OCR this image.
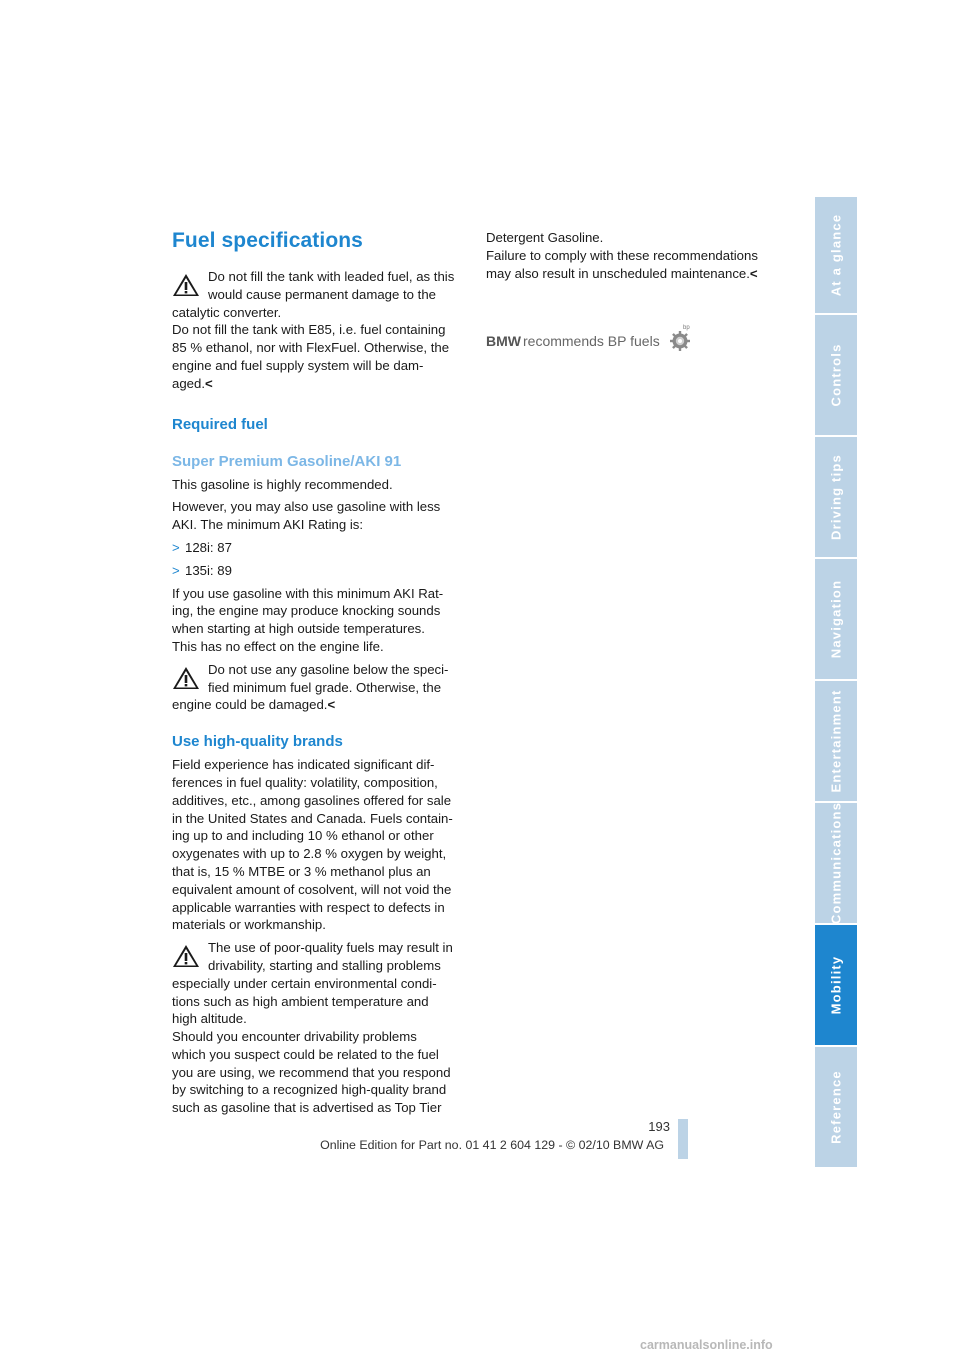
Fuel specifications

Do not fill the tank with leaded fuel, as this

would cause permanent damage to the

catalytic converter.

Do not fill the tank with E85, i.e. fuel containing

85 % ethanol, nor with FlexFuel. Otherwise, the

engine and fuel supply system will be dam-

aged.<

Required fuel
Super Premium Gasoline/AKI 91

This gasoline is highly recommended.

However, you may also use gasoline with less

AKI. The minimum AKI Rating is:

> 128i: 87
> 135i: 89

If you use gasoline with this minimum AKI Rat-

ing, the engine may produce knocking sounds

when starting at high outside temperatures.

This has no effect on the engine life.

Do not use any gasoline below the speci-

fied minimum fuel grade. Otherwise, the

engine could be damaged.<

Use high-quality brands

Field experience has indicated significant dif-

ferences in fuel quality: volatility, composition,

additives, etc., among gasolines offered for sale

in the United States and Canada. Fuels contain-

ing up to and including 10 % ethanol or other

oxygenates with up to 2.8 % oxygen by weight,

that is, 15 % MTBE or 3 % methanol plus an

equivalent amount of cosolvent, will not void the

applicable warranties with respect to defects in

materials or workmanship.

The use of poor-quality fuels may result in

drivability, starting and stalling problems

especially under certain environmental condi-

tions such as high ambient temperature and

high altitude.

Should you encounter drivability problems

which you suspect could be related to the fuel

you are using, we recommend that you respond

by switching to a recognized high-quality brand

such as gasoline that is advertised as Top Tier

Detergent Gasoline.

Failure to comply with these recommendations

may also result in unscheduled maintenance.<

BMW recommends BP fuels
bp
At a glance
Controls
Driving tips
Navigation
Entertainment
Communications
Mobility
Reference
193
Online Edition for Part no. 01 41 2 604 129 - © 02/10 BMW AG
carmanualsonline.info
